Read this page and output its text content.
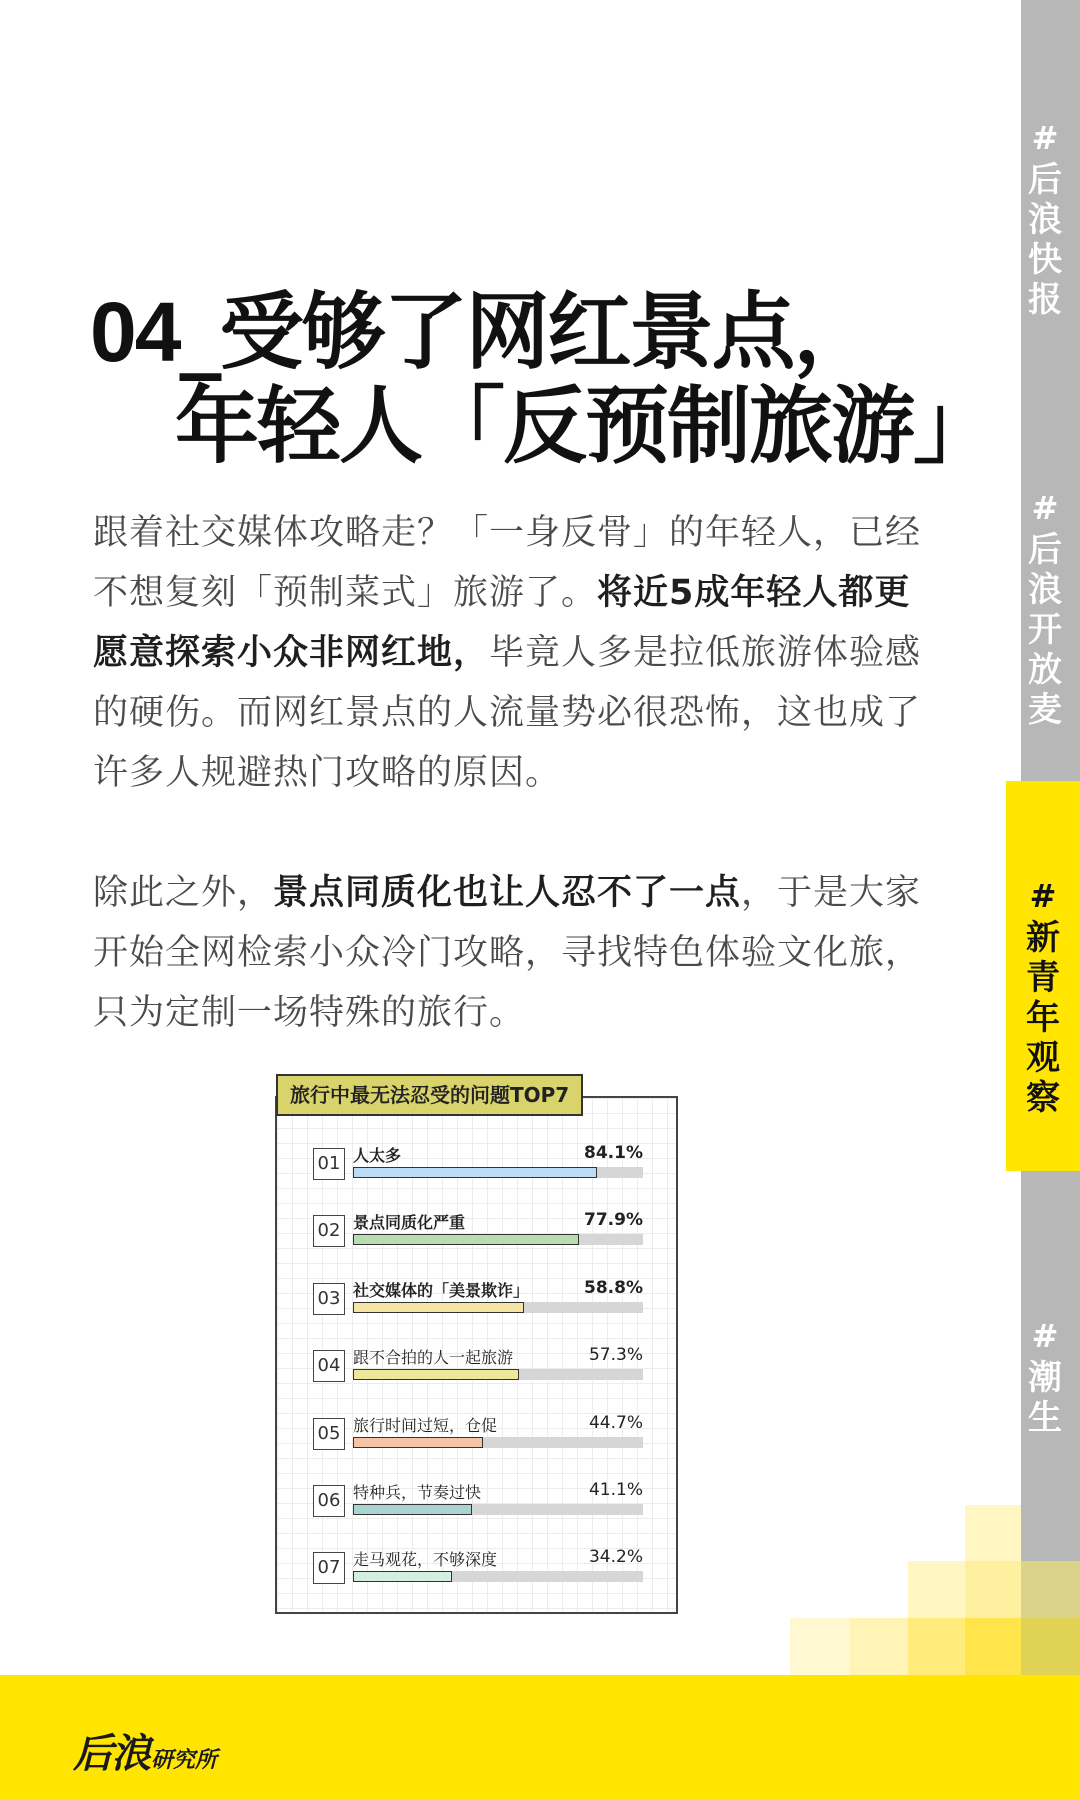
#
后
浪
快
报
#
后
浪
开
放
麦
#
新
青
年
观
察
#
潮
生
04_受够了网红景点，
年轻人「反预制旅游」

跟着社交媒体攻略走？「一身反骨」的年轻人，已经不想复刻「预制菜式」旅游了。将近5成年轻人都更愿意探索小众非网红地，毕竟人多是拉低旅游体验感的硬伤。而网红景点的人流量势必很恐怖，这也成了许多人规避热门攻略的原因。

除此之外，景点同质化也让人忍不了一点，于是大家开始全网检索小众冷门攻略，寻找特色体验文化旅，只为定制一场特殊的旅行。

旅行中最无法忍受的问题TOP7
01 人太多	84.1%
02 景点同质化严重	77.9%
03 社交媒体的「美景欺诈」	58.8%
04 跟不合拍的人一起旅游	57.3%
05 旅行时间过短，仓促	44.7%
06 特种兵，节奏过快	41.1%
07 走马观花，不够深度	34.2%
后浪研究所
